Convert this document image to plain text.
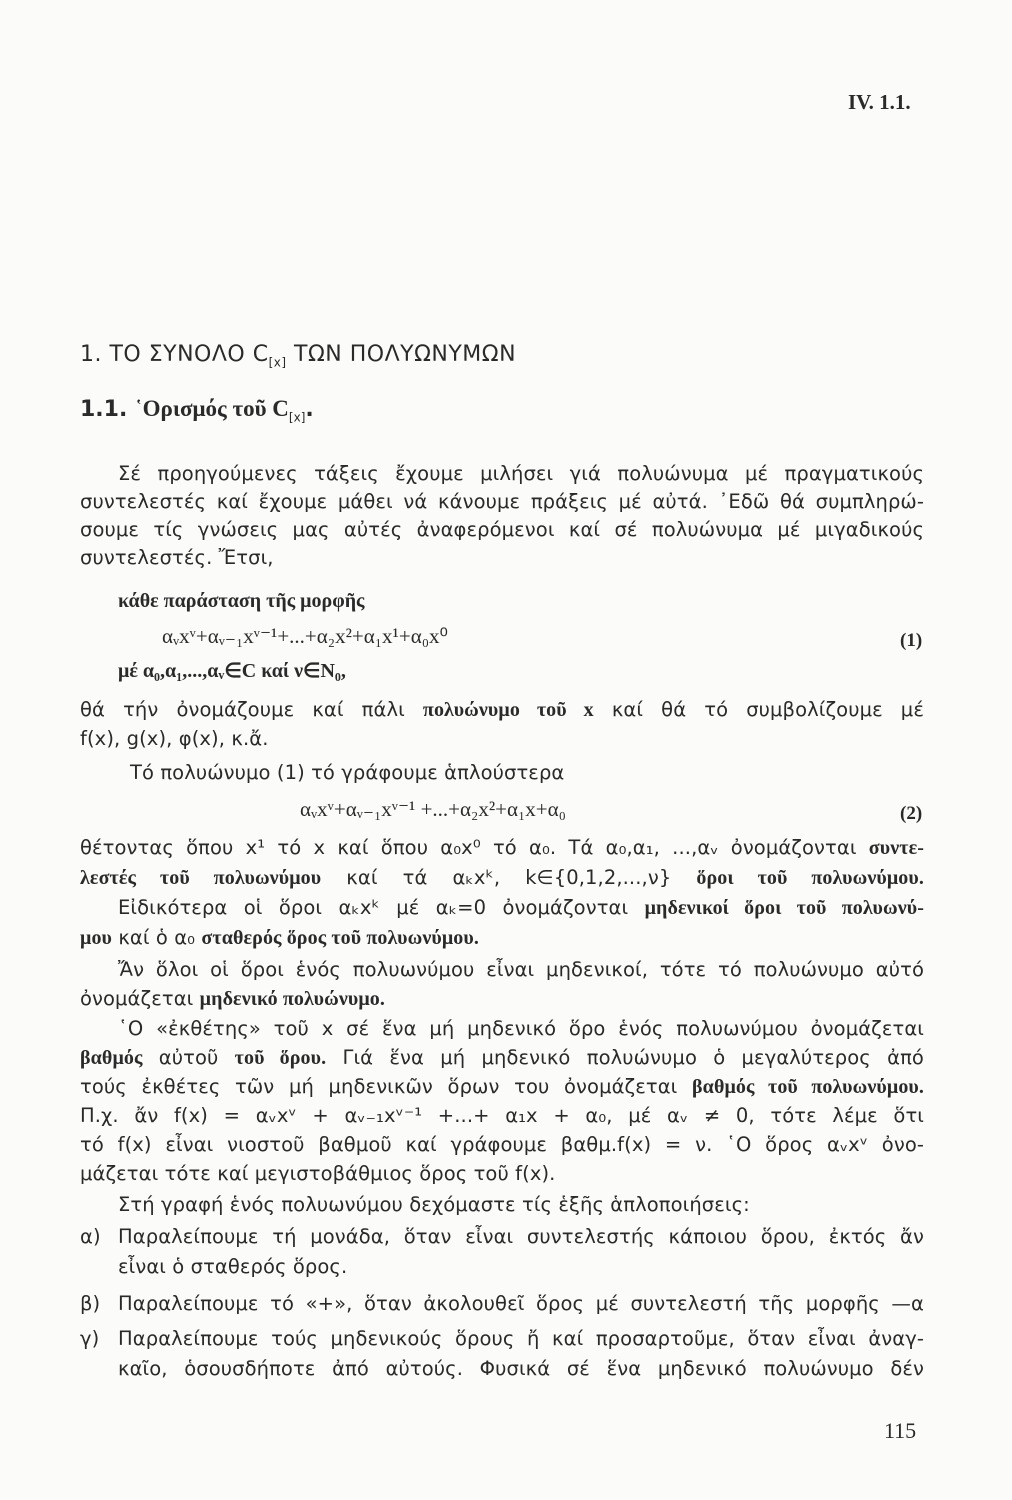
IV. 1.1.
1. ΤΟ ΣΥΝΟΛΟ $C_{[x]}$ ΤΩΝ ΠΟΛΥΩΝΥΜΩΝ
1.1. ῾Ορισμός τοῦ $C_{[x]}$.
Σέ προηγούμενες τάξεις ἔχουμε μιλήσει γιά πολυώνυμα μέ πραγματικούς
συντελεστές καί ἔχουμε μάθει νά κάνουμε πράξεις μέ αὐτά. ᾿Εδῶ θά συμπληρώ-
σουμε τίς γνώσεις μας αὐτές ἀναφερόμενοι καί σέ πολυώνυμα μέ μιγαδικούς
συντελεστές. Ἔτσι,
κάθε παράσταση τῆς μορφῆς
αᵥxᵛ+αᵥ₋₁xᵛ⁻¹+...+α₂x²+α₁x¹+α₀x⁰	(1)
μέ α₀,α₁,...,αᵥ∈C καί ν∈N₀,
θά τήν ὀνομάζουμε καί πάλι πολυώνυμο τοῦ x καί θά τό συμβολίζουμε μέ
f(x), g(x), φ(x), κ.ἄ.
Τό πολυώνυμο (1) τό γράφουμε ἁπλούστερα
αᵥxᵛ+αᵥ₋₁xᵛ⁻¹ +...+α₂x²+α₁x+α₀	(2)
θέτοντας ὅπου x¹ τό x καί ὅπου α₀x⁰ τό α₀. Τά α₀,α₁, ...,αᵥ ὀνομάζονται συντε-
λεστές τοῦ πολυωνύμου καί τά αₖxᵏ, k∈{0,1,2,...,ν} ὅροι τοῦ πολυωνύμου.
Εἰδικότερα οἱ ὅροι αₖxᵏ μέ αₖ=0 ὀνομάζονται μηδενικοί ὅροι τοῦ πολυωνύ-
μου καί ὁ α₀ σταθερός ὅρος τοῦ πολυωνύμου.
Ἄν ὅλοι οἱ ὅροι ἑνός πολυωνύμου εἶναι μηδενικοί, τότε τό πολυώνυμο αὐτό
ὀνομάζεται μηδενικό πολυώνυμο.
῾Ο «ἐκθέτης» τοῦ x σέ ἕνα μή μηδενικό ὅρο ἑνός πολυωνύμου ὀνομάζεται
βαθμός αὐτοῦ τοῦ ὅρου. Γιά ἕνα μή μηδενικό πολυώνυμο ὁ μεγαλύτερος ἀπό
τούς ἐκθέτες τῶν μή μηδενικῶν ὅρων του ὀνομάζεται βαθμός τοῦ πολυωνύμου.
Π.χ. ἄν f(x) = αᵥxᵛ + αᵥ₋₁xᵛ⁻¹ +...+ α₁x + α₀, μέ αᵥ ≠ 0, τότε λέμε ὅτι
τό f(x) εἶναι νιοστοῦ βαθμοῦ καί γράφουμε βαθμ.f(x) = ν. ῾Ο ὅρος αᵥxᵛ ὀνο-
μάζεται τότε καί μεγιστοβάθμιος ὅρος τοῦ f(x).
Στή γραφή ἑνός πολυωνύμου δεχόμαστε τίς ἑξῆς ἁπλοποιήσεις:
α) Παραλείπουμε τή μονάδα, ὅταν εἶναι συντελεστής κάποιου ὅρου, ἐκτός ἄν
εἶναι ὁ σταθερός ὅρος.
β) Παραλείπουμε τό «+», ὅταν ἀκολουθεῖ ὅρος μέ συντελεστή τῆς μορφῆς —α
γ) Παραλείπουμε τούς μηδενικούς ὅρους ἤ καί προσαρτοῦμε, ὅταν εἶναι ἀναγ-
καῖο, ὁσουσδήποτε ἀπό αὐτούς. Φυσικά σέ ἕνα μηδενικό πολυώνυμο δέν
115
